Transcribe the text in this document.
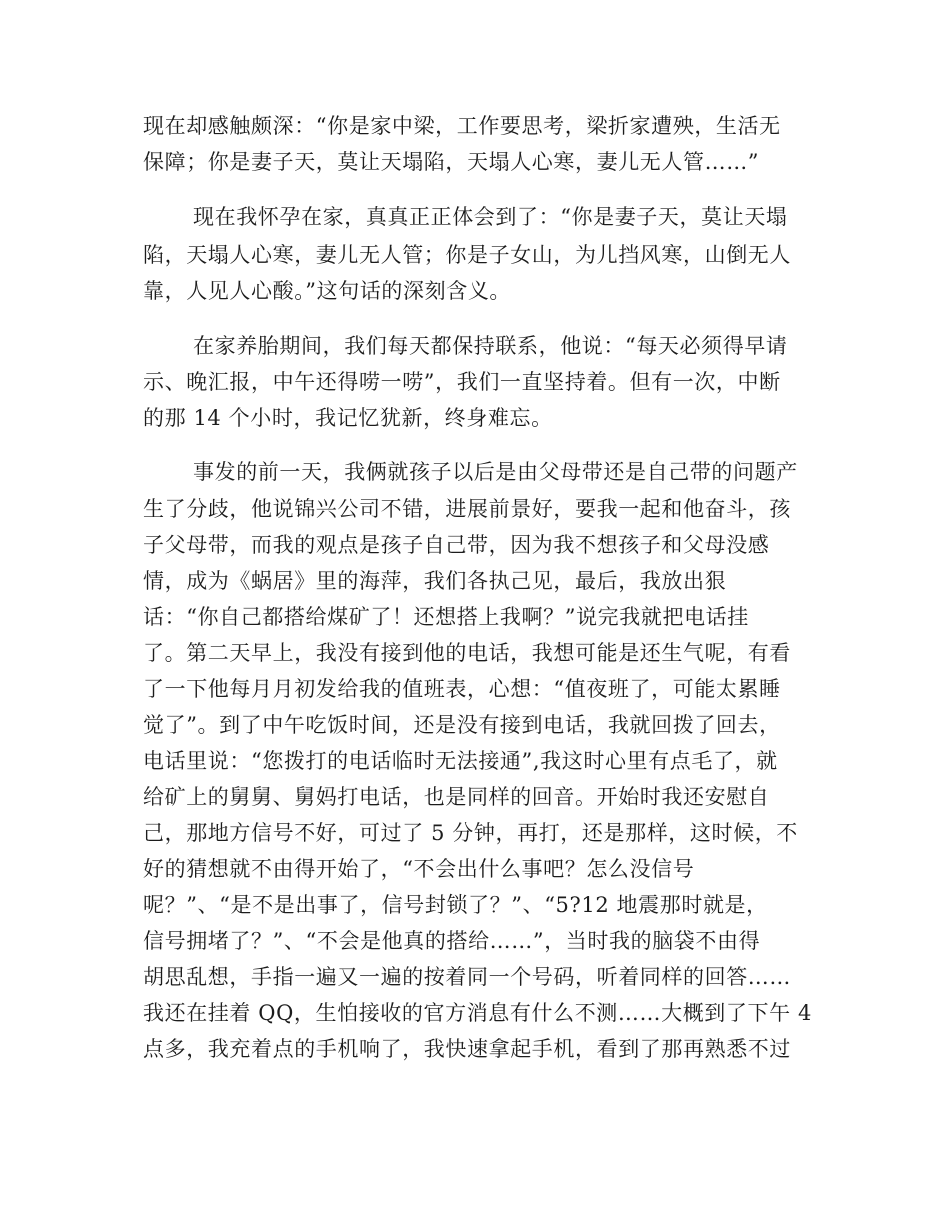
现在却感触颇深：“你是家中梁，工作要思考，梁折家遭殃，生活无
保障；你是妻子天，莫让天塌陷，天塌人心寒，妻儿无人管……”
现在我怀孕在家，真真正正体会到了：“你是妻子天，莫让天塌
陷，天塌人心寒，妻儿无人管；你是子女山，为儿挡风寒，山倒无人
靠，人见人心酸。”这句话的深刻含义。
在家养胎期间，我们每天都保持联系，他说：“每天必须得早请
示、晚汇报，中午还得唠一唠”，我们一直坚持着。但有一次，中断
的那 14 个小时，我记忆犹新，终身难忘。
事发的前一天，我俩就孩子以后是由父母带还是自己带的问题产
生了分歧，他说锦兴公司不错，进展前景好，要我一起和他奋斗，孩
子父母带，而我的观点是孩子自己带，因为我不想孩子和父母没感
情，成为《蜗居》里的海萍，我们各执己见，最后，我放出狠
话：“你自己都搭给煤矿了！还想搭上我啊？”说完我就把电话挂
了。第二天早上，我没有接到他的电话，我想可能是还生气呢，有看
了一下他每月月初发给我的值班表，心想：“值夜班了，可能太累睡
觉了”。到了中午吃饭时间，还是没有接到电话，我就回拨了回去，
电话里说：“您拨打的电话临时无法接通”,我这时心里有点毛了，就
给矿上的舅舅、舅妈打电话，也是同样的回音。开始时我还安慰自
己，那地方信号不好，可过了 5 分钟，再打，还是那样，这时候，不
好的猜想就不由得开始了，“不会出什么事吧？怎么没信号
呢？”、“是不是出事了，信号封锁了？”、“5?12 地震那时就是，
信号拥堵了？”、“不会是他真的搭给……”，当时我的脑袋不由得
胡思乱想，手指一遍又一遍的按着同一个号码，听着同样的回答……
我还在挂着 QQ，生怕接收的官方消息有什么不测……大概到了下午 4
点多，我充着点的手机响了，我快速拿起手机，看到了那再熟悉不过
